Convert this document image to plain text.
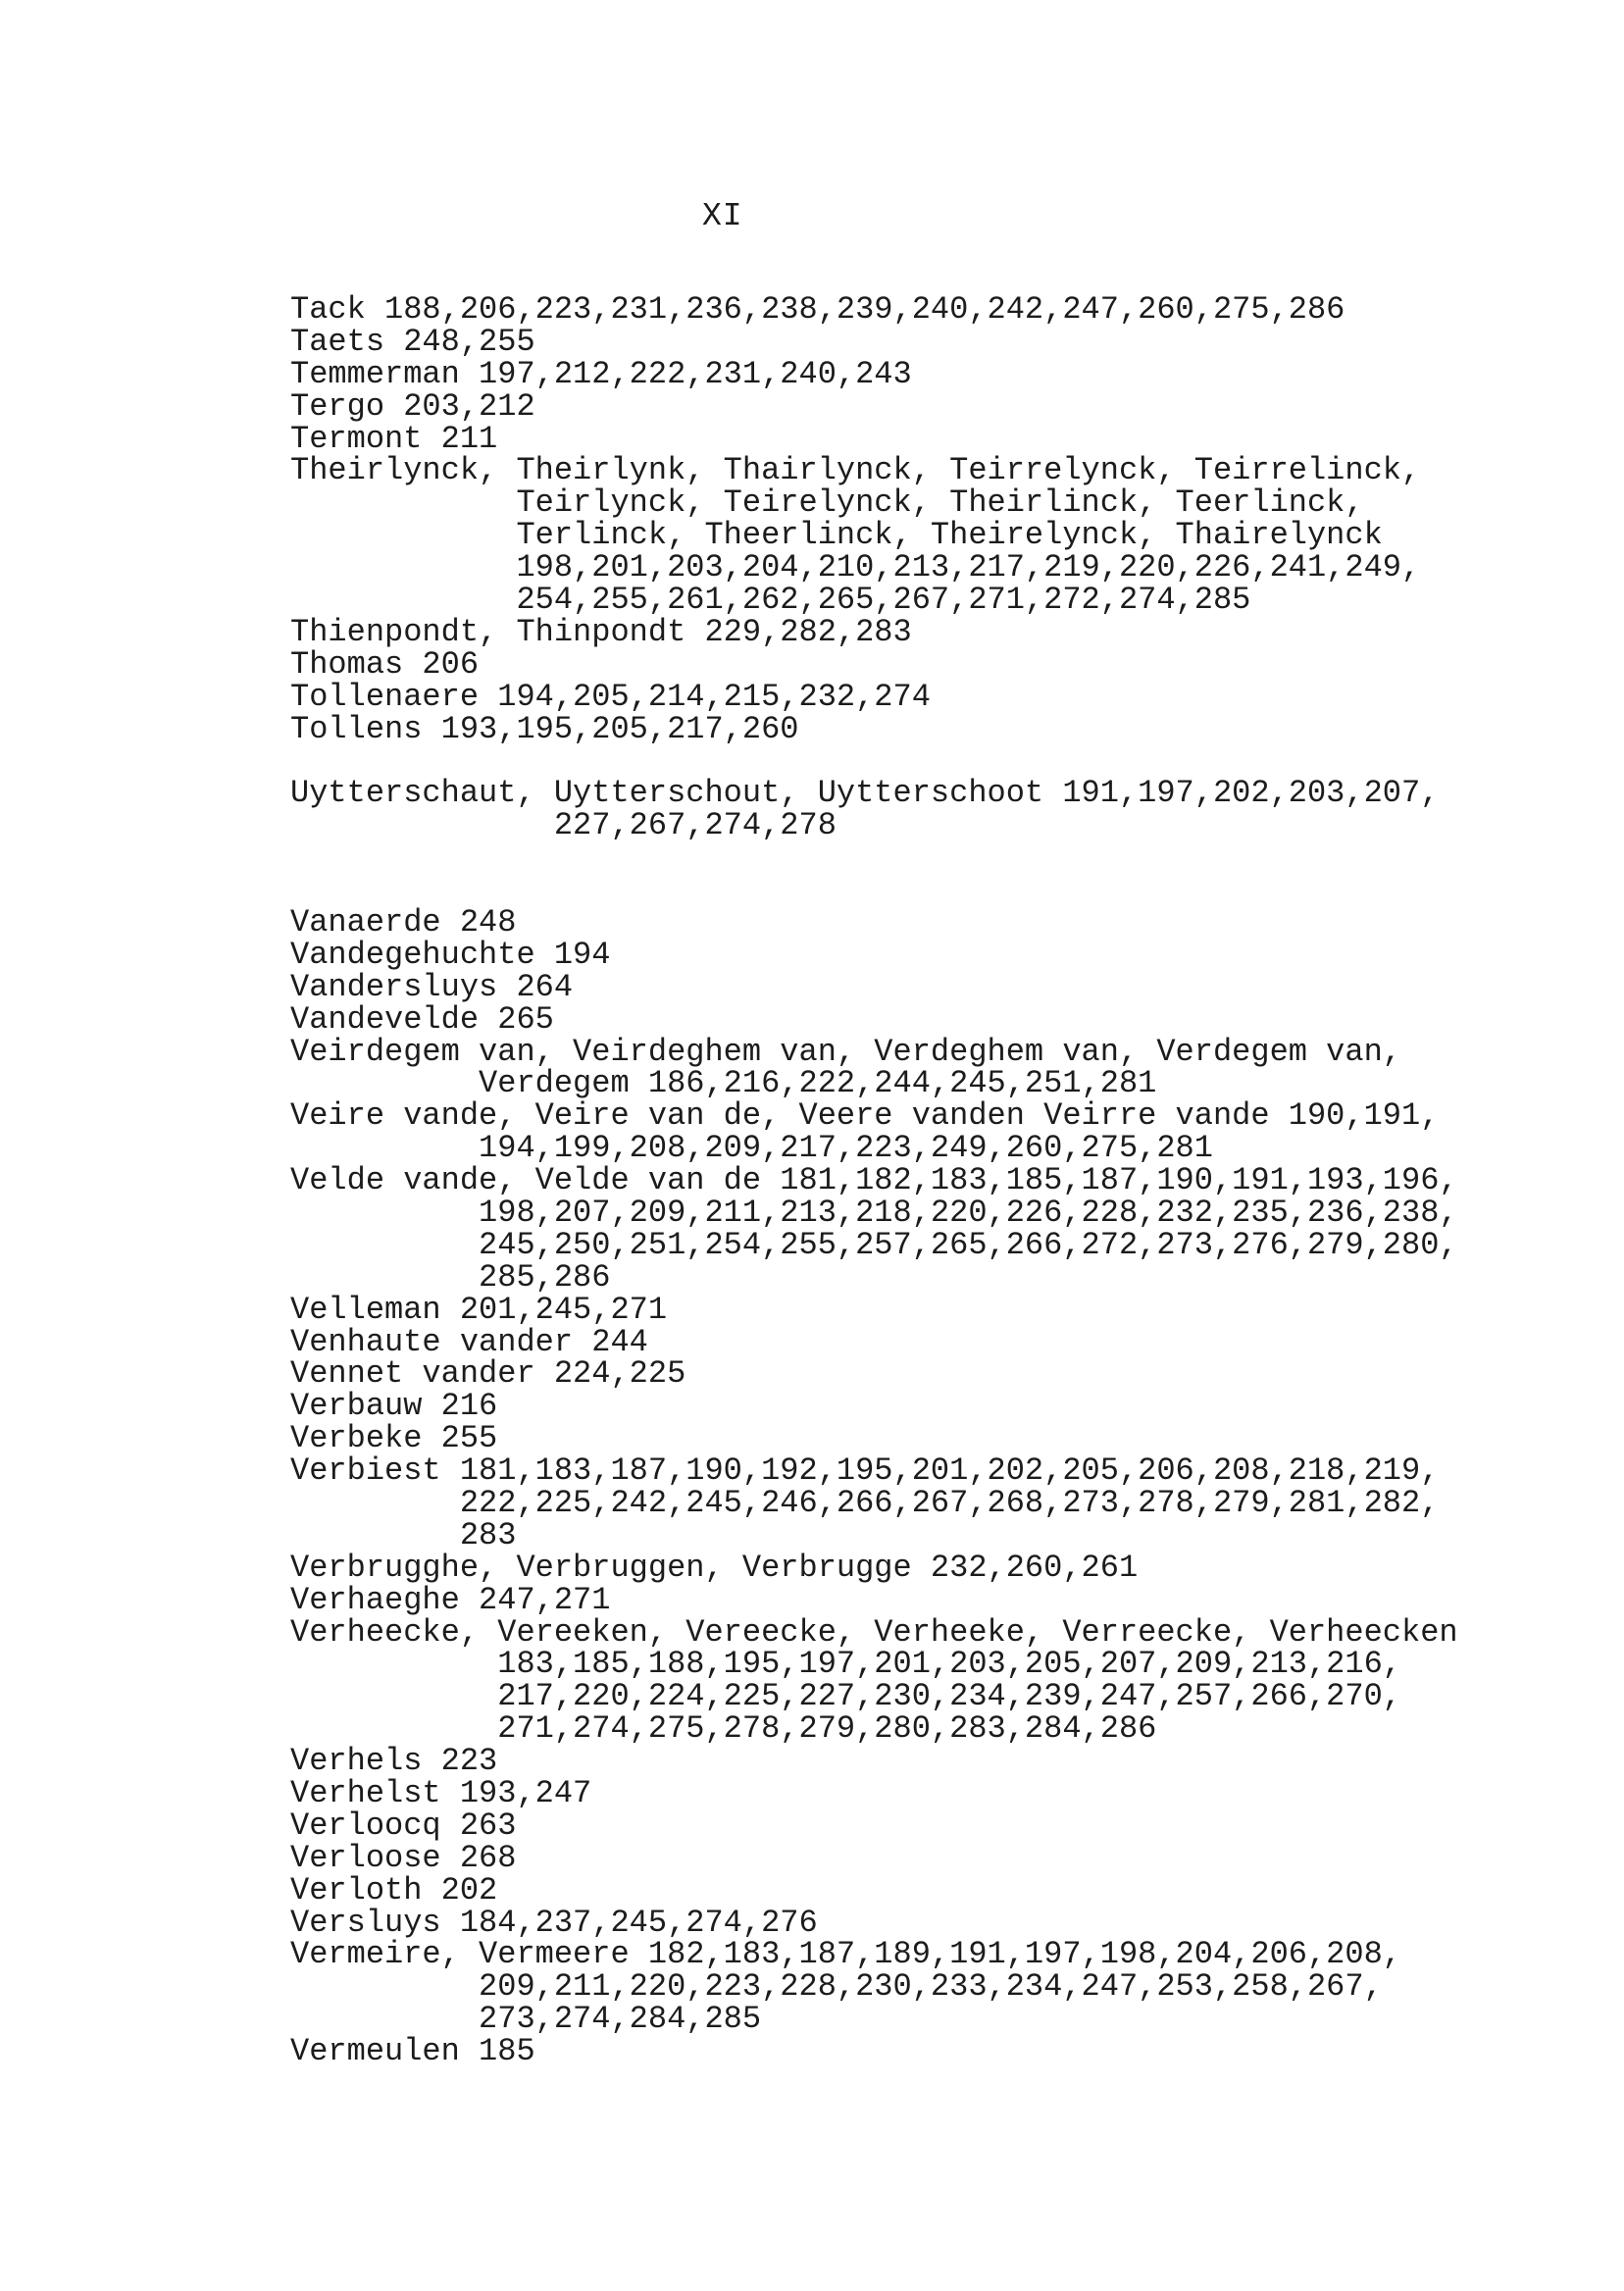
XI
Tack 188,206,223,231,236,238,239,240,242,247,260,275,286
Taets 248,255
Temmerman 197,212,222,231,240,243
Tergo 203,212
Termont 211
Theirlynck, Theirlynk, Thairlynck, Teirrelynck, Teirrelinck,
Teirlynck, Teirelynck, Theirlinck, Teerlinck,
Terlinck, Theerlinck, Theirelynck, Thairelynck
198,201,203,204,210,213,217,219,220,226,241,249,
254,255,261,262,265,267,271,272,274,285
Thienpondt, Thinpondt 229,282,283
Thomas 206
Tollenaere 194,205,214,215,232,274
Tollens 193,195,205,217,260
Uytterschaut, Uytterschout, Uytterschoot 191,197,202,203,207,
227,267,274,278
Vanaerde 248
Vandegehuchte 194
Vandersluys 264
Vandevelde 265
Veirdegem van, Veirdeghem van, Verdeghem van, Verdegem van,
Verdegem 186,216,222,244,245,251,281
Veire vande, Veire van de, Veere vanden Veirre vande 190,191,
194,199,208,209,217,223,249,260,275,281
Velde vande, Velde van de 181,182,183,185,187,190,191,193,196,
198,207,209,211,213,218,220,226,228,232,235,236,238,
245,250,251,254,255,257,265,266,272,273,276,279,280,
285,286
Velleman 201,245,271
Venhaute vander 244
Vennet vander 224,225
Verbauw 216
Verbeke 255
Verbiest 181,183,187,190,192,195,201,202,205,206,208,218,219,
222,225,242,245,246,266,267,268,273,278,279,281,282,
283
Verbrugghe, Verbruggen, Verbrugge 232,260,261
Verhaeghe 247,271
Verheecke, Vereeken, Vereecke, Verheeke, Verreecke, Verheecken
183,185,188,195,197,201,203,205,207,209,213,216,
217,220,224,225,227,230,234,239,247,257,266,270,
271,274,275,278,279,280,283,284,286
Verhels 223
Verhelst 193,247
Verloocq 263
Verloose 268
Verloth 202
Versluys 184,237,245,274,276
Vermeire, Vermeere 182,183,187,189,191,197,198,204,206,208,
209,211,220,223,228,230,233,234,247,253,258,267,
273,274,284,285
Vermeulen 185
